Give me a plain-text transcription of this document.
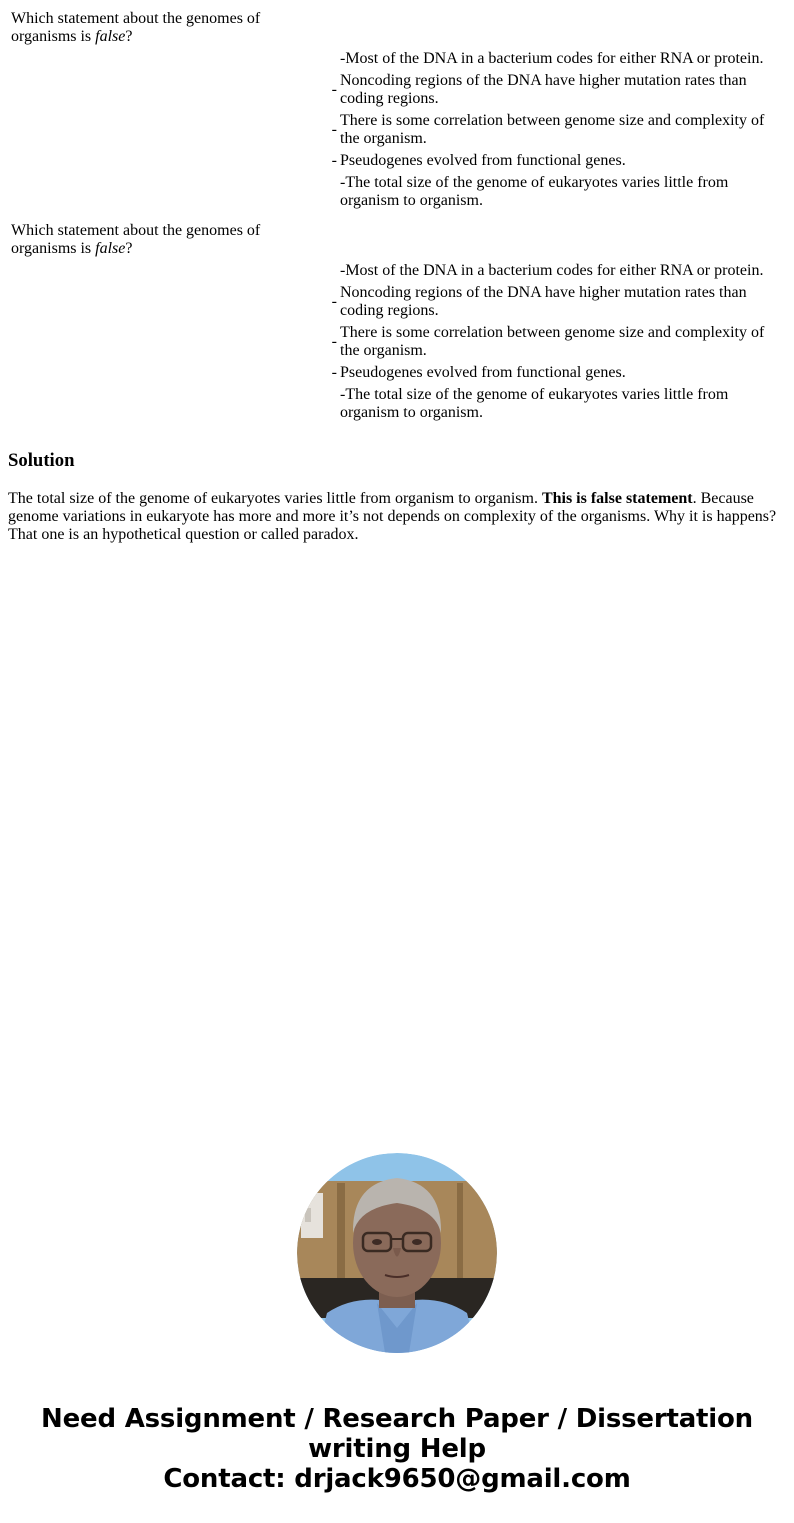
Which statement about the genomes of organisms is false?		
		-Most of the DNA in a bacterium codes for either RNA or protein.
	-	Noncoding regions of the DNA have higher mutation rates than coding regions.
	-	There is some correlation between genome size and complexity of the organism.
	-	Pseudogenes evolved from functional genes.
		-The total size of the genome of eukaryotes varies little from organism to organism.
Which statement about the genomes of organisms is false?		
		-Most of the DNA in a bacterium codes for either RNA or protein.
	-	Noncoding regions of the DNA have higher mutation rates than coding regions.
	-	There is some correlation between genome size and complexity of the organism.
	-	Pseudogenes evolved from functional genes.
		-The total size of the genome of eukaryotes varies little from organism to organism.
Solution

The total size of the genome of eukaryotes varies little from organism to organism. This is false statement. Because genome variations in eukaryote has more and more it’s not depends on complexity of the organisms. Why it is happens? That one is an hypothetical question or called paradox.

Need Assignment / Research Paper / Dissertation
writing Help
Contact: drjack9650@gmail.com
